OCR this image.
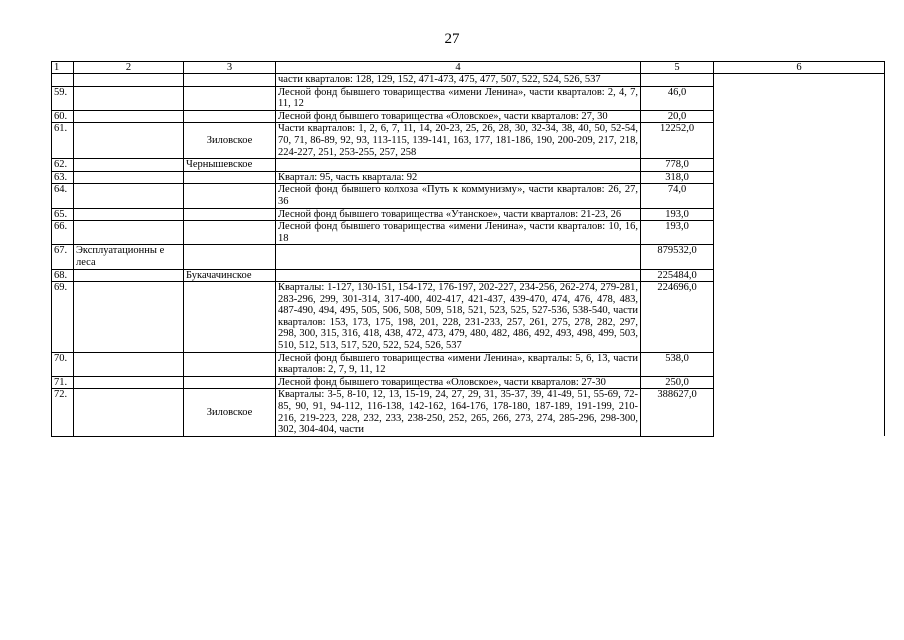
27
1	2	3	4	5	6
			части кварталов: 128, 129, 152, 471-473, 475, 477, 507, 522, 524, 526, 537		
59.			Лесной фонд бывшего товарищества «имени Ленина», части кварталов: 2, 4, 7, 11, 12	46,0	
60.			Лесной фонд бывшего товарищества «Оловское», части кварталов: 27, 30	20,0	
61.		Зиловское	Части кварталов: 1, 2, 6, 7, 11, 14, 20-23, 25, 26, 28, 30, 32-34, 38, 40, 50, 52-54, 70, 71, 86-89, 92, 93, 113-115, 139-141, 163, 177, 181-186, 190, 200-209, 217, 218, 224-227, 251, 253-255, 257, 258	12252,0	
62.		Чернышевское		778,0	
63.			Квартал: 95, часть квартала: 92	318,0	
64.			Лесной фонд бывшего колхоза «Путь к коммунизму», части кварталов: 26, 27, 36	74,0	
65.			Лесной фонд бывшего товарищества «Утанское», части кварталов: 21-23, 26	193,0	
66.			Лесной фонд бывшего товарищества «имени Ленина», части кварталов: 10, 16, 18	193,0	
67.	Эксплуатационны е леса			879532,0	
68.		Букачачинское		225484,0	
69.			Кварталы: 1-127, 130-151, 154-172, 176-197, 202-227, 234-256, 262-274, 279-281, 283-296, 299, 301-314, 317-400, 402-417, 421-437, 439-470, 474, 476, 478, 483, 487-490, 494, 495, 505, 506, 508, 509, 518, 521, 523, 525, 527-536, 538-540, части кварталов: 153, 173, 175, 198, 201, 228, 231-233, 257, 261, 275, 278, 282, 297, 298, 300, 315, 316, 418, 438, 472, 473, 479, 480, 482, 486, 492, 493, 498, 499, 503, 510, 512, 513, 517, 520, 522, 524, 526, 537	224696,0	
70.			Лесной фонд бывшего товарищества «имени Ленина», кварталы: 5, 6, 13, части кварталов: 2, 7, 9, 11, 12	538,0	
71.			Лесной фонд бывшего товарищества «Оловское», части кварталов: 27-30	250,0	
72.		Зиловское	Кварталы: 3-5, 8-10, 12, 13, 15-19, 24, 27, 29, 31, 35-37, 39, 41-49, 51, 55-69, 72-85, 90, 91, 94-112, 116-138, 142-162, 164-176, 178-180, 187-189, 191-199, 210-216, 219-223, 228, 232, 233, 238-250, 252, 265, 266, 273, 274, 285-296, 298-300, 302, 304-404, части	388627,0	
